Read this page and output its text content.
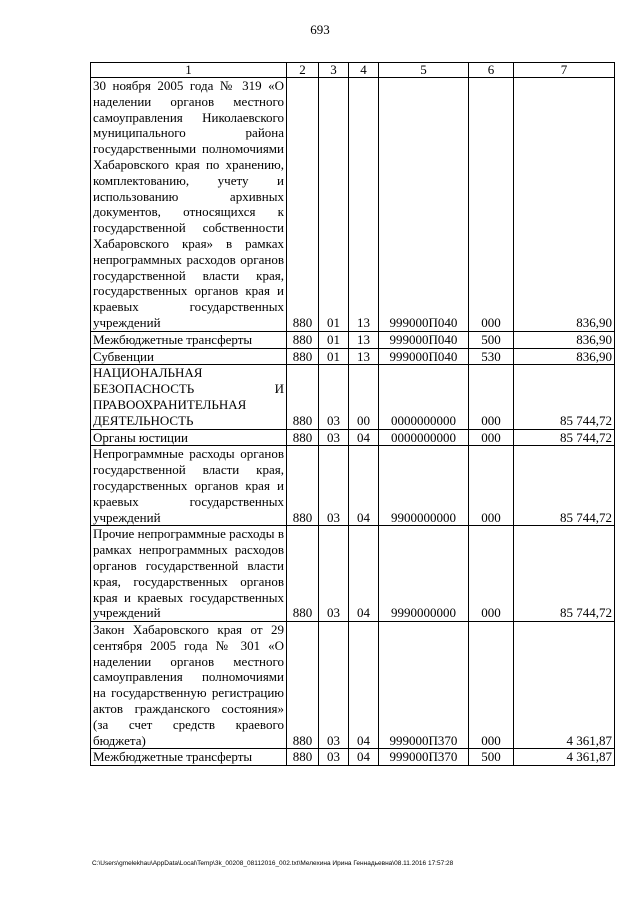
693
1	2	3	4	5	6	7
30 ноября 2005 года № 319 «О наделении органов местного самоуправления Николаевского муниципального района государственными полномочиями Хабаровского края по хранению, комплектованию, учету и использованию архивных документов, относящихся к государственной собственности Хабаровского края» в рамках непрограммных расходов органов государственной власти края, государственных органов края и краевых государственных учреждений	880	01	13	999000П040	000	836,90
Межбюджетные трансферты	880	01	13	999000П040	500	836,90
Субвенции	880	01	13	999000П040	530	836,90
НАЦИОНАЛЬНАЯ БЕЗОПАСНОСТЬ И ПРАВООХРАНИТЕЛЬНАЯ ДЕЯТЕЛЬНОСТЬ	880	03	00	0000000000	000	85 744,72
Органы юстиции	880	03	04	0000000000	000	85 744,72
Непрограммные расходы органов государственной власти края, государственных органов края и краевых государственных учреждений	880	03	04	9900000000	000	85 744,72
Прочие непрограммные расходы в рамках непрограммных расходов органов государственной власти края, государственных органов края и краевых государственных учреждений	880	03	04	9990000000	000	85 744,72
Закон Хабаровского края от 29 сентября 2005 года № 301 «О наделении органов местного самоуправления полномочиями на государственную регистрацию актов гражданского состояния» (за счет средств краевого бюджета)	880	03	04	999000П370	000	4 361,87
Межбюджетные трансферты	880	03	04	999000П370	500	4 361,87
C:\Users\gmelekhau\AppData\Local\Temp\3k_00208_08112016_002.txt\Мелехина Ирина Геннадьевна\08.11.2016 17:57:28
